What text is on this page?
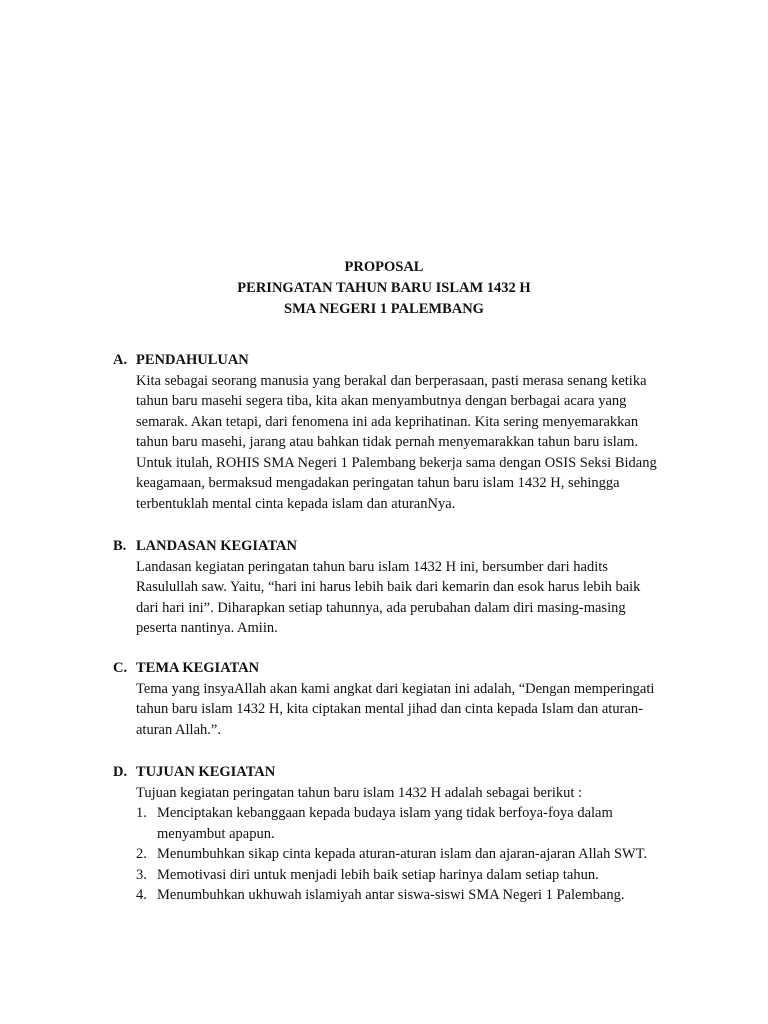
PROPOSAL
PERINGATAN TAHUN BARU ISLAM 1432 H
SMA NEGERI 1 PALEMBANG
A. PENDAHULUAN
Kita sebagai seorang manusia yang berakal dan berperasaan, pasti merasa senang ketika
tahun baru masehi segera tiba, kita akan menyambutnya dengan berbagai acara yang
semarak. Akan tetapi, dari fenomena ini ada keprihatinan. Kita sering menyemarakkan
tahun baru masehi, jarang atau bahkan tidak pernah menyemarakkan tahun baru islam.
Untuk itulah, ROHIS SMA Negeri 1 Palembang bekerja sama dengan OSIS Seksi Bidang
keagamaan, bermaksud mengadakan peringatan tahun baru islam 1432 H, sehingga
terbentuklah mental cinta kepada islam dan aturanNya.
B. LANDASAN KEGIATAN
Landasan kegiatan peringatan tahun baru islam 1432 H ini, bersumber dari hadits
Rasulullah saw. Yaitu, “hari ini harus lebih baik dari kemarin dan esok harus lebih baik
dari hari ini”. Diharapkan setiap tahunnya, ada perubahan dalam diri masing-masing
peserta nantinya. Amiin.
C. TEMA KEGIATAN
Tema yang insyaAllah akan kami angkat dari kegiatan ini adalah, “Dengan memperingati
tahun baru islam 1432 H, kita ciptakan mental jihad dan cinta kepada Islam dan aturan-
aturan Allah.”.
D. TUJUAN KEGIATAN
Tujuan kegiatan peringatan tahun baru islam 1432 H adalah sebagai berikut :
1. Menciptakan kebanggaan kepada budaya islam yang tidak berfoya-foya dalam
menyambut apapun.
2. Menumbuhkan sikap cinta kepada aturan-aturan islam dan ajaran-ajaran Allah SWT.
3. Memotivasi diri untuk menjadi lebih baik setiap harinya dalam setiap tahun.
4. Menumbuhkan ukhuwah islamiyah antar siswa-siswi SMA Negeri 1 Palembang.
